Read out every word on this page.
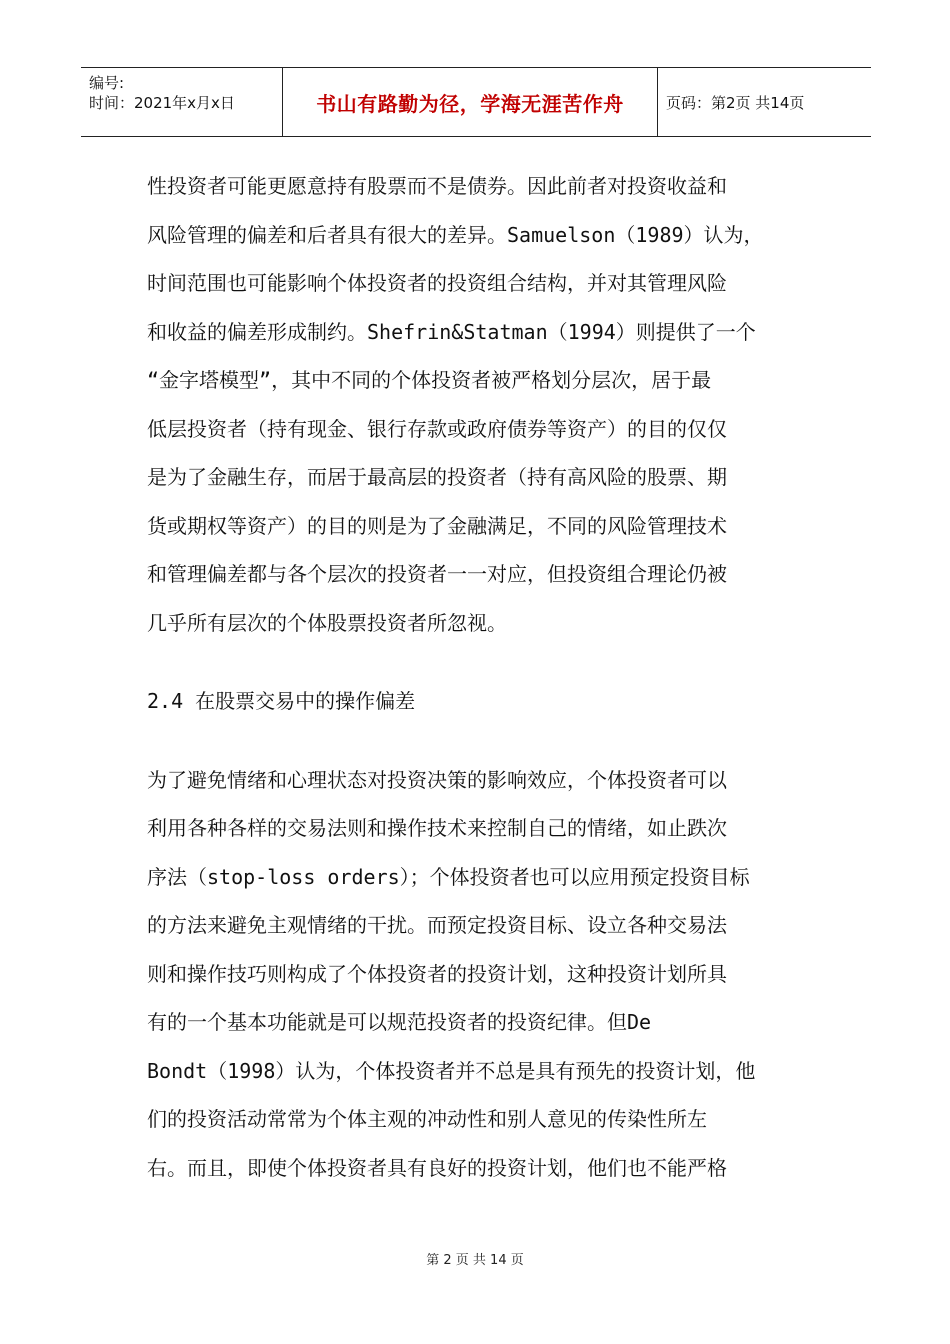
编号:
时间：2021年x月x日	书山有路勤为径，学海无涯苦作舟	页码：第2页 共14页
性投资者可能更愿意持有股票而不是债券。因此前者对投资收益和
风险管理的偏差和后者具有很大的差异。Samuelson（1989）认为，
时间范围也可能影响个体投资者的投资组合结构，并对其管理风险
和收益的偏差形成制约。Shefrin&Statman（1994）则提供了一个
“金字塔模型”，其中不同的个体投资者被严格划分层次，居于最
低层投资者（持有现金、银行存款或政府债券等资产）的目的仅仅
是为了金融生存，而居于最高层的投资者（持有高风险的股票、期
货或期权等资产）的目的则是为了金融满足，不同的风险管理技术
和管理偏差都与各个层次的投资者一一对应，但投资组合理论仍被
几乎所有层次的个体股票投资者所忽视。
2.4 在股票交易中的操作偏差
为了避免情绪和心理状态对投资决策的影响效应，个体投资者可以
利用各种各样的交易法则和操作技术来控制自己的情绪，如止跌次
序法（stop-loss orders）；个体投资者也可以应用预定投资目标
的方法来避免主观情绪的干扰。而预定投资目标、设立各种交易法
则和操作技巧则构成了个体投资者的投资计划，这种投资计划所具
有的一个基本功能就是可以规范投资者的投资纪律。但De
Bondt（1998）认为，个体投资者并不总是具有预先的投资计划，他
们的投资活动常常为个体主观的冲动性和别人意见的传染性所左
右。而且，即使个体投资者具有良好的投资计划，他们也不能严格
第 2 页 共 14 页
